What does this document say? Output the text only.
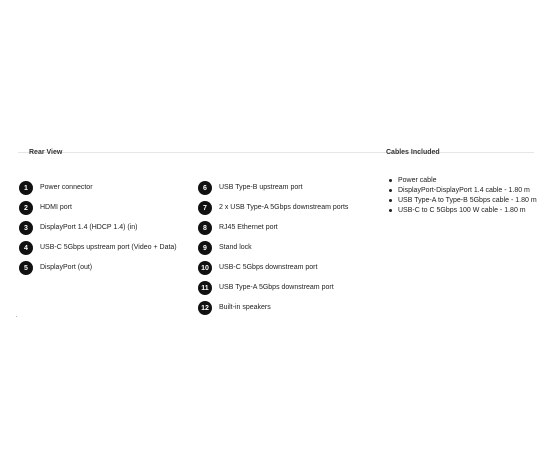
Rear View	Cables Included
1	Power connector
2	HDMI port
3	DisplayPort 1.4 (HDCP 1.4) (in)
4	USB-C 5Gbps upstream port (Video + Data)
5	DisplayPort (out)
6	USB Type-B upstream port
7	2 x USB Type-A 5Gbps downstream ports
8	RJ45 Ethernet port
9	Stand lock
10	USB-C 5Gbps downstream port
11	USB Type-A 5Gbps downstream port
12	Built-in speakers
Power cable
DisplayPort-DisplayPort 1.4 cable - 1.80 m
USB Type-A to Type-B 5Gbps cable - 1.80 m
USB-C to C 5Gbps 100 W cable - 1.80 m
